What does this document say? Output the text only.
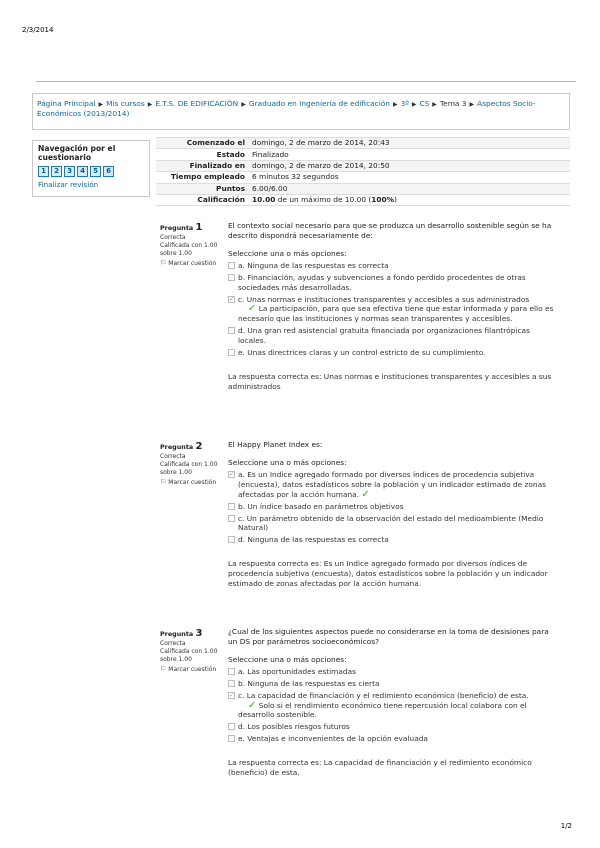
2/3/2014
1/2
Página Principal ▶ Mis cursos ▶ E.T.S. DE EDIFICACIÓN ▶ Graduado en Ingeniería de edificación ▶ 3º ▶ CS ▶ Tema 3 ▶ Aspectos Socio-Económicos (2013/2014)
Navegación por el cuestionario
1	2	3	4	5	6
Finalizar revisión
Comenzado el	domingo, 2 de marzo de 2014, 20:43
Estado	Finalizado
Finalizado en	domingo, 2 de marzo de 2014, 20:50
Tiempo empleado	6 minutos 32 segundos
Puntos	6.00/6.00
Calificación	10.00 de un máximo de 10.00 (100%)
Pregunta 1
Correcta
Calificada con 1.00 sobre 1.00
⚐ Marcar cuestión
El contexto social necesario para que se produzca un desarrollo sostenible según se ha descrito dispondrá necesariamente de:
Seleccione una o más opciones:
a. Ninguna de las respuestas es correcta
b. Financiación, ayudas y subvenciones a fondo perdido procedentes de otras sociedades más desarrolladas.
✓ c. Unas normas e instituciones transparentes y accesibles a sus administrados
✓ La participación, para que sea efectiva tiene que estar informada y para ello es necesario que las instituciones y normas sean transparentes y accesibles.
d. Una gran red asistencial gratuita financiada por organizaciones filantrópicas locales.
e. Unas directrices claras y un control estricto de su cumplimiento.
La respuesta correcta es: Unas normas e instituciones transparentes y accesibles a sus administrados
Pregunta 2
Correcta
Calificada con 1.00 sobre 1.00
⚐ Marcar cuestión
El Happy Planet Index es:
Seleccione una o más opciones:
✓ a. Es un Indice agregado formado por diversos índices de procedencia subjetiva (encuesta), datos estadísticos sobre la población y un indicador estimado de zonas afectadas por la acción humana. ✓
b. Un índice basado en parámetros objetivos
c. Un parámetro obtenido de la observación del estado del medioambiente (Medio Natural)
d. Ninguna de las respuestas es correcta
La respuesta correcta es: Es un Indice agregado formado por diversos índices de procedencia subjetiva (encuesta), datos estadísticos sobre la población y un indicador estimado de zonas afectadas por la acción humana.
Pregunta 3
Correcta
Calificada con 1.00 sobre 1.00
⚐ Marcar cuestión
¿Cual de los siguientes aspectos puede no considerarse en la toma de desisiones para un DS por parámetros socioeconómicos?
Seleccione una o más opciones:
a. Las oportunidades estimadas
b. Ninguna de las respuestas es cierta
✓ c. La capacidad de financiación y el redimiento económico (beneficio) de esta.
✓ Solo si el rendimiento económico tiene repercusión local colabora con el desarrollo sostenible.
d. Los posibles riesgos futuros
e. Ventajas e inconvenientes de la opción evaluada
La respuesta correcta es: La capacidad de financiación y el redimiento económico (beneficio) de esta.
